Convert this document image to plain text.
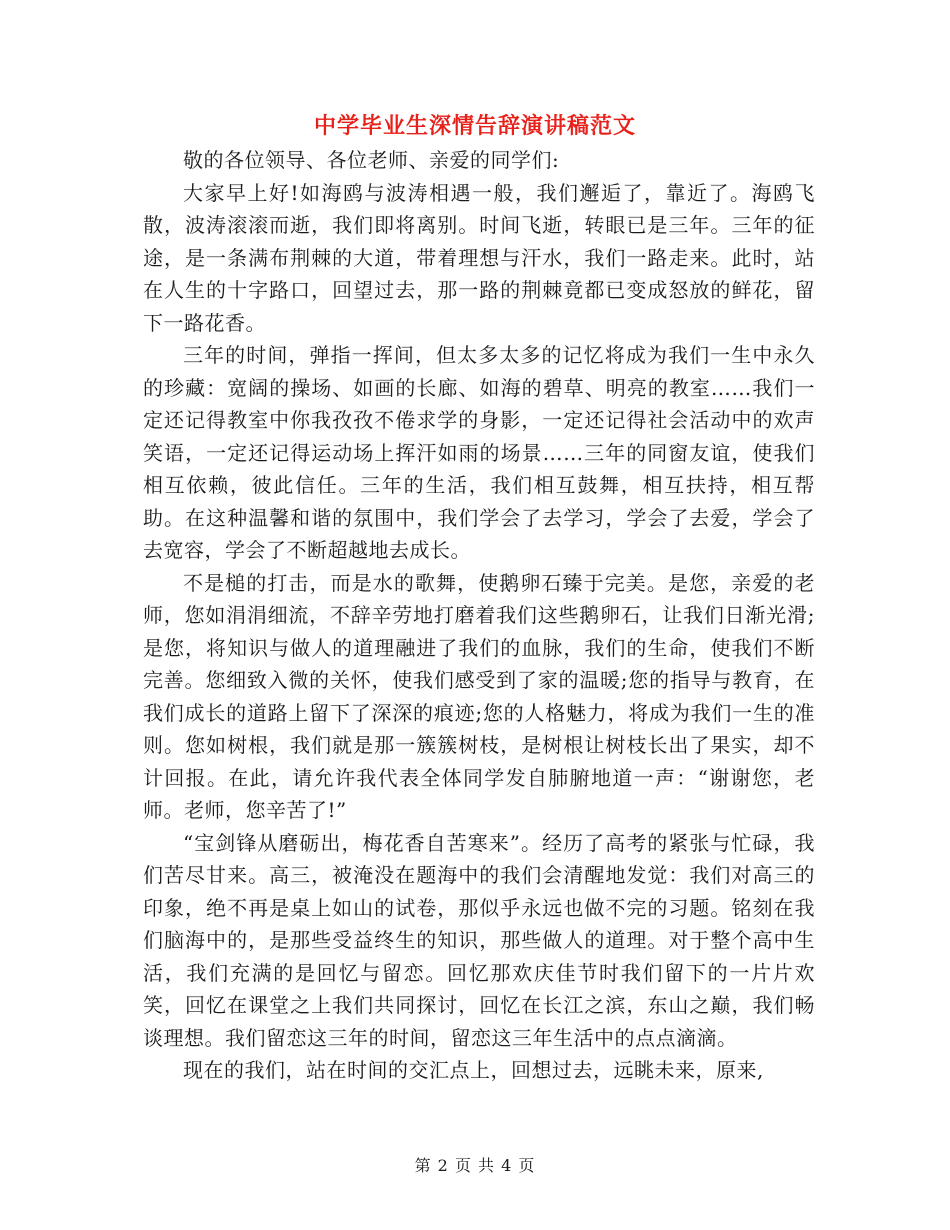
中学毕业生深情告辞演讲稿范文

敬的各位领导、各位老师、亲爱的同学们:

大家早上好!如海鸥与波涛相遇一般，我们邂逅了，靠近了。海鸥飞散，波涛滚滚而逝，我们即将离别。时间飞逝，转眼已是三年。三年的征途，是一条满布荆棘的大道，带着理想与汗水，我们一路走来。此时，站在人生的十字路口，回望过去，那一路的荆棘竟都已变成怒放的鲜花，留下一路花香。

三年的时间，弹指一挥间，但太多太多的记忆将成为我们一生中永久的珍藏：宽阔的操场、如画的长廊、如海的碧草、明亮的教室……我们一定还记得教室中你我孜孜不倦求学的身影，一定还记得社会活动中的欢声笑语，一定还记得运动场上挥汗如雨的场景……三年的同窗友谊，使我们相互依赖，彼此信任。三年的生活，我们相互鼓舞，相互扶持，相互帮助。在这种温馨和谐的氛围中，我们学会了去学习，学会了去爱，学会了去宽容，学会了不断超越地去成长。

不是槌的打击，而是水的歌舞，使鹅卵石臻于完美。是您，亲爱的老师，您如涓涓细流，不辞辛劳地打磨着我们这些鹅卵石，让我们日渐光滑;是您，将知识与做人的道理融进了我们的血脉，我们的生命，使我们不断完善。您细致入微的关怀，使我们感受到了家的温暖;您的指导与教育，在我们成长的道路上留下了深深的痕迹;您的人格魅力，将成为我们一生的准则。您如树根，我们就是那一簇簇树枝，是树根让树枝长出了果实，却不计回报。在此，请允许我代表全体同学发自肺腑地道一声：“谢谢您，老师。老师，您辛苦了!”

“宝剑锋从磨砺出，梅花香自苦寒来”。经历了高考的紧张与忙碌，我们苦尽甘来。高三，被淹没在题海中的我们会清醒地发觉：我们对高三的印象，绝不再是桌上如山的试卷，那似乎永远也做不完的习题。铭刻在我们脑海中的，是那些受益终生的知识，那些做人的道理。对于整个高中生活，我们充满的是回忆与留恋。回忆那欢庆佳节时我们留下的一片片欢笑，回忆在课堂之上我们共同探讨，回忆在长江之滨，东山之巅，我们畅谈理想。我们留恋这三年的时间，留恋这三年生活中的点点滴滴。

现在的我们，站在时间的交汇点上，回想过去，远眺未来，原来,

第 2 页 共 4 页
